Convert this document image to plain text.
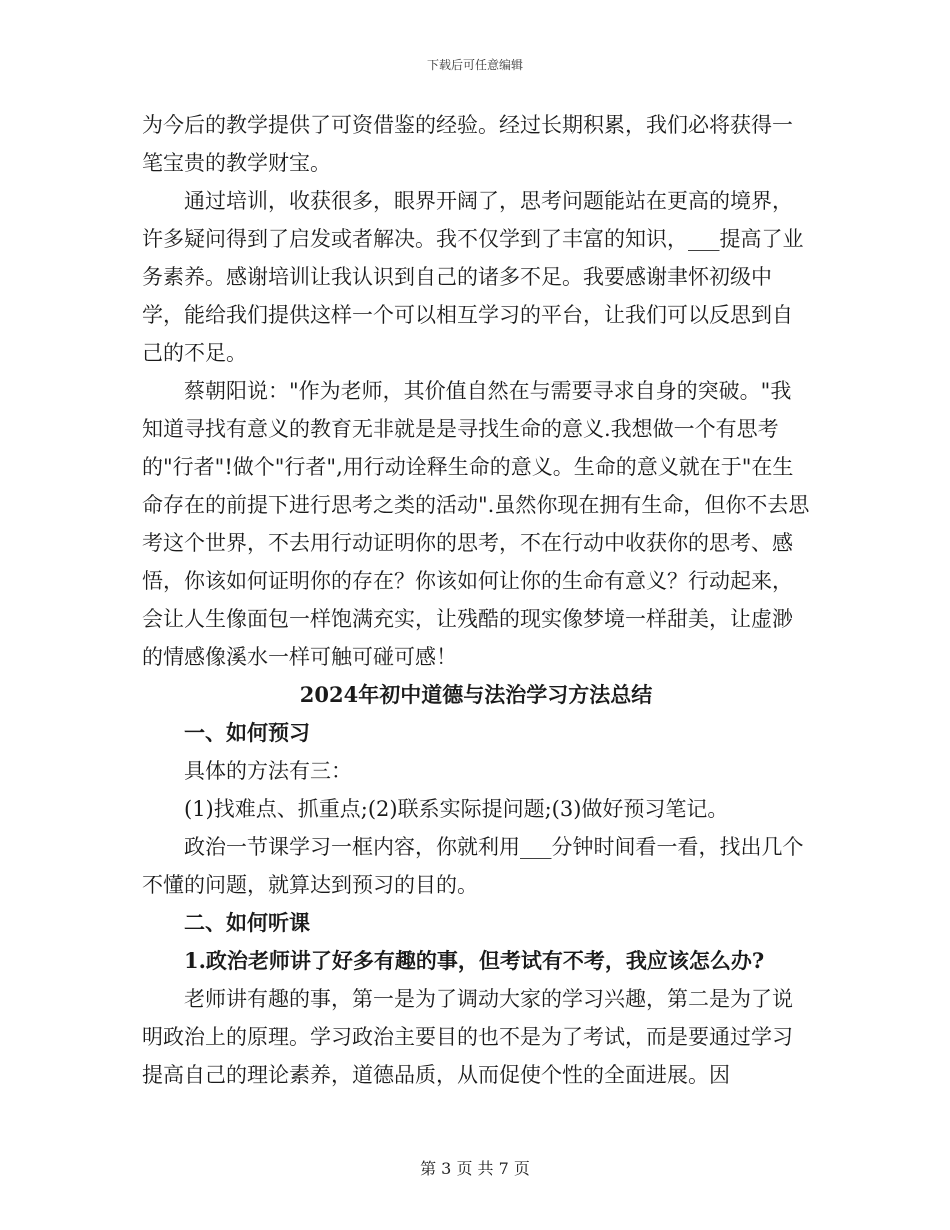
下载后可任意编辑

为今后的教学提供了可资借鉴的经验。经过长期积累，我们必将获得一笔宝贵的教学财宝。

通过培训，收获很多，眼界开阔了，思考问题能站在更高的境界，许多疑问得到了启发或者解决。我不仅学到了丰富的知识，___提高了业务素养。感谢培训让我认识到自己的诸多不足。我要感谢聿怀初级中学，能给我们提供这样一个可以相互学习的平台，让我们可以反思到自己的不足。

蔡朝阳说："作为老师，其价值自然在与需要寻求自身的突破。"我知道寻找有意义的教育无非就是是寻找生命的意义.我想做一个有思考的"行者"!做个"行者",用行动诠释生命的意义。生命的意义就在于"在生命存在的前提下进行思考之类的活动".虽然你现在拥有生命，但你不去思考这个世界，不去用行动证明你的思考，不在行动中收获你的思考、感悟，你该如何证明你的存在？你该如何让你的生命有意义？行动起来，会让人生像面包一样饱满充实，让残酷的现实像梦境一样甜美，让虚渺的情感像溪水一样可触可碰可感！

2024年初中道德与法治学习方法总结

一、如何预习

具体的方法有三：

(1)找难点、抓重点;(2)联系实际提问题;(3)做好预习笔记。

政治一节课学习一框内容，你就利用___分钟时间看一看，找出几个不懂的问题，就算达到预习的目的。

二、如何听课

1.政治老师讲了好多有趣的事，但考试有不考，我应该怎么办?

老师讲有趣的事，第一是为了调动大家的学习兴趣，第二是为了说明政治上的原理。学习政治主要目的也不是为了考试，而是要通过学习提高自己的理论素养，道德品质，从而促使个性的全面进展。因

第 3 页 共 7 页
